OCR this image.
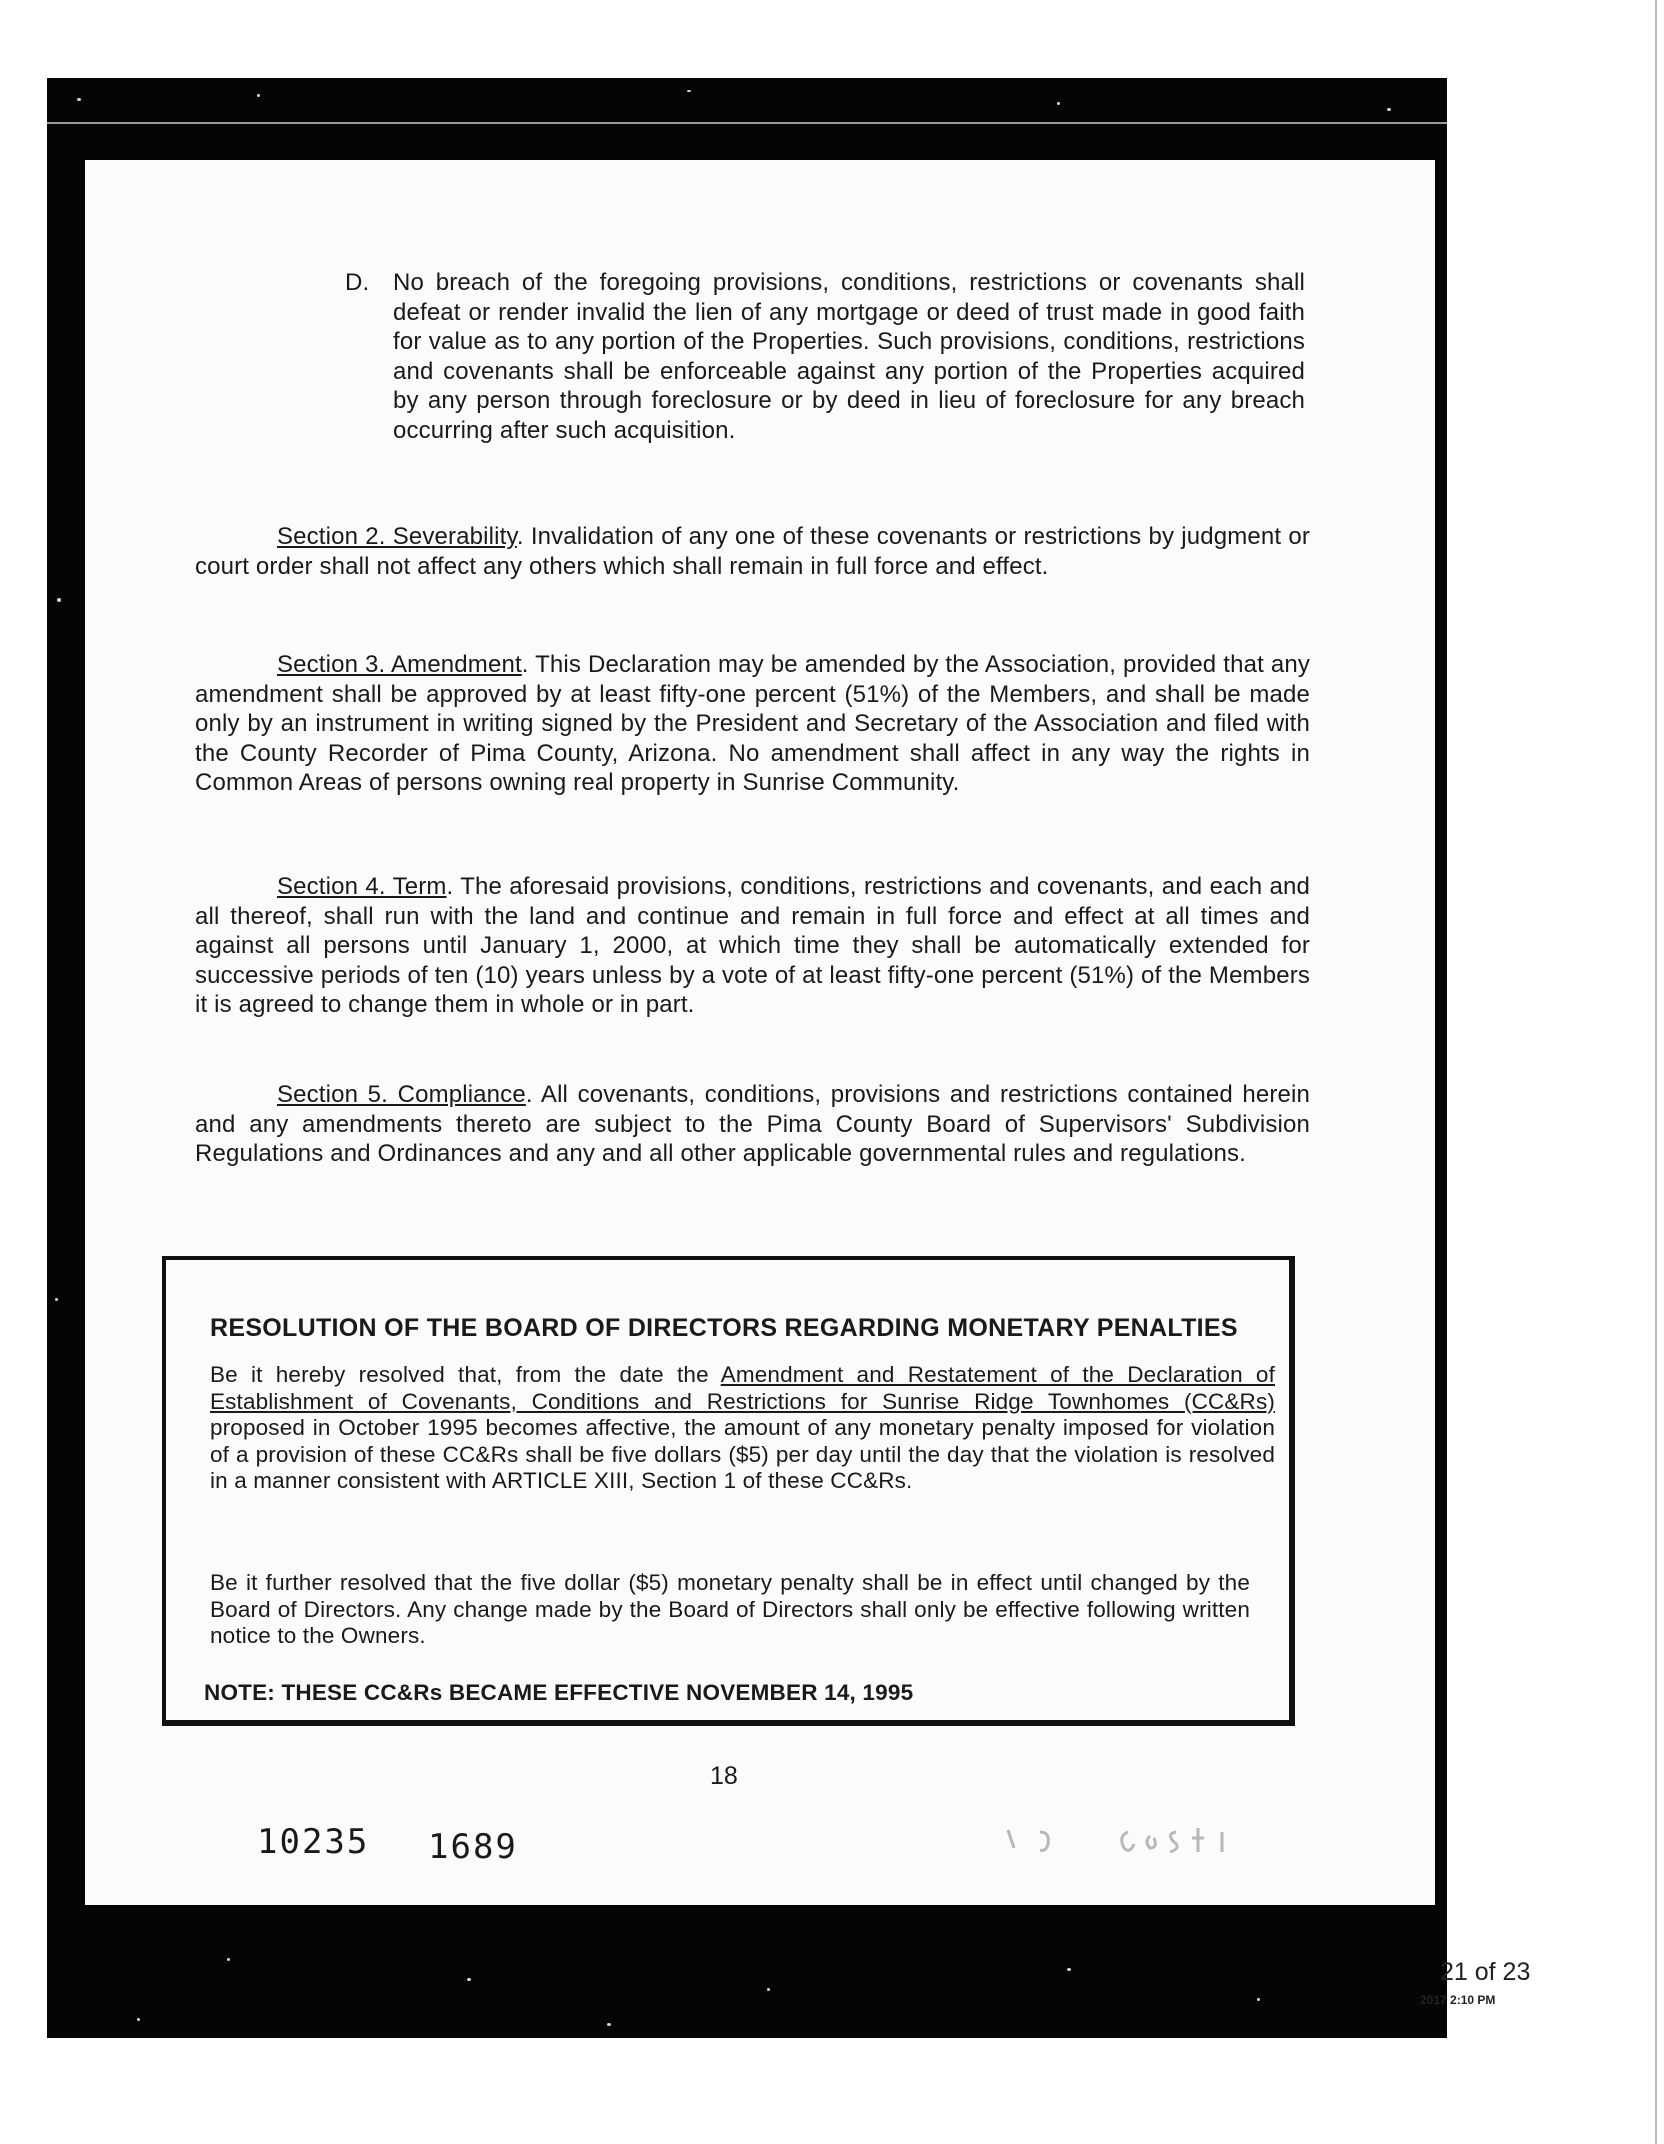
D. No breach of the foregoing provisions, conditions, restrictions or covenants shall defeat or render invalid the lien of any mortgage or deed of trust made in good faith for value as to any portion of the Properties. Such provisions, conditions, restrictions and covenants shall be enforceable against any portion of the Properties acquired by any person through foreclosure or by deed in lieu of foreclosure for any breach occurring after such acquisition.

Section 2. Severability. Invalidation of any one of these covenants or restrictions by judgment or court order shall not affect any others which shall remain in full force and effect.

Section 3. Amendment. This Declaration may be amended by the Association, provided that any amendment shall be approved by at least fifty-one percent (51%) of the Members, and shall be made only by an instrument in writing signed by the President and Secretary of the Association and filed with the County Recorder of Pima County, Arizona. No amendment shall affect in any way the rights in Common Areas of persons owning real property in Sunrise Community.

Section 4. Term. The aforesaid provisions, conditions, restrictions and covenants, and each and all thereof, shall run with the land and continue and remain in full force and effect at all times and against all persons until January 1, 2000, at which time they shall be automatically extended for successive periods of ten (10) years unless by a vote of at least fifty-one percent (51%) of the Members it is agreed to change them in whole or in part.

Section 5. Compliance. All covenants, conditions, provisions and restrictions contained herein and any amendments thereto are subject to the Pima County Board of Supervisors' Subdivision Regulations and Ordinances and any and all other applicable governmental rules and regulations.

RESOLUTION OF THE BOARD OF DIRECTORS REGARDING MONETARY PENALTIES

Be it hereby resolved that, from the date the Amendment and Restatement of the Declaration of Establishment of Covenants, Conditions and Restrictions for Sunrise Ridge Townhomes (CC&Rs) proposed in October 1995 becomes affective, the amount of any monetary penalty imposed for violation of a provision of these CC&Rs shall be five dollars ($5) per day until the day that the violation is resolved in a manner consistent with ARTICLE XIII, Section 1 of these CC&Rs.

Be it further resolved that the five dollar ($5) monetary penalty shall be in effect until changed by the Board of Directors. Any change made by the Board of Directors shall only be effective following written notice to the Owners.

NOTE: THESE CC&Rs BECAME EFFECTIVE NOVEMBER 14, 1995

18

10235 1689

21 of 23

2017 2:10 PM
